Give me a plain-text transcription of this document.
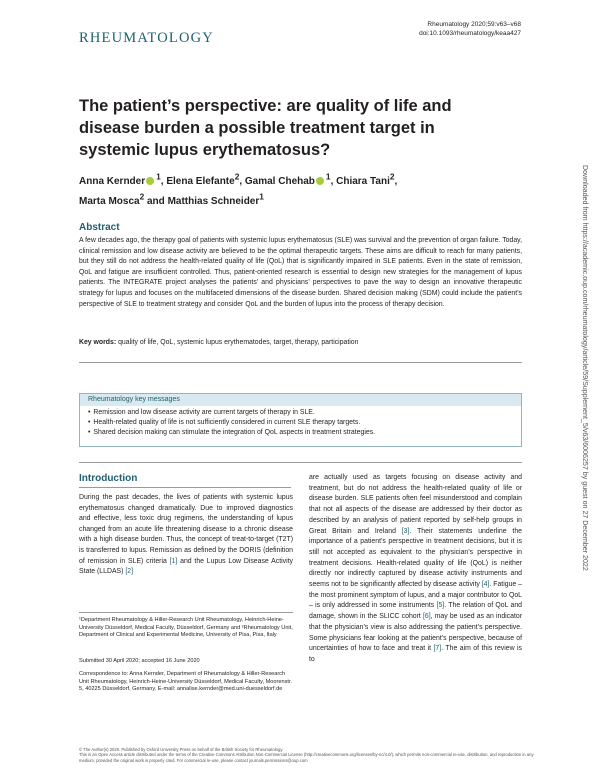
RHEUMATOLOGY
Rheumatology 2020;59:v63–v68
doi:10.1093/rheumatology/keaa427
The patient’s perspective: are quality of life and disease burden a possible treatment target in systemic lupus erythematosus?
Anna Kernder $^1$, Elena Elefante$^2$, Gamal Chehab $^1$, Chiara Tani$^2$,
Marta Mosca$^2$ and Matthias Schneider$^1$
Abstract

A few decades ago, the therapy goal of patients with systemic lupus erythematosus (SLE) was survival and the prevention of organ failure. Today, clinical remission and low disease activity are believed to be the optimal therapeutic targets. These aims are difficult to reach for many patients, but they still do not address the health-related quality of life (QoL) that is significantly impaired in SLE patients. Even in the state of remission, QoL and fatigue are insufficient controlled. Thus, patient-oriented research is essential to design new strategies for the management of lupus patients. The INTEGRATE project analyses the patients’ and physicians’ perspectives to pave the way to design an innovative therapeutic strategy for lupus and focuses on the multifaceted dimensions of the disease burden. Shared decision making (SDM) could include the patient’s perspective of SLE to treatment strategy and consider QoL and the burden of lupus into the process of therapy decision.

Key words: quality of life, QoL, systemic lupus erythematodes, target, therapy, participation

Rheumatology key messages
• Remission and low disease activity are current targets of therapy in SLE.
• Health-related quality of life is not sufficiently considered in current SLE therapy targets.
• Shared decision making can stimulate the integration of QoL aspects in treatment strategies.
Introduction

During the past decades, the lives of patients with systemic lupus erythematosus changed dramatically. Due to improved diagnostics and effective, less toxic drug regimens, the understanding of lupus changed from an acute life threatening disease to a chronic disease with a high disease burden. Thus, the concept of treat-to-target (T2T) is transferred to lupus. Remission as defined by the DORIS (definition of remission in SLE) criteria [1] and the Lupus Low Disease Activity State (LLDAS) [2]

are actually used as targets focusing on disease activity and treatment, but do not address the health-related quality of life or disease burden. SLE patients often feel misunderstood and complain that not all aspects of the disease are addressed by their doctor as described by an analysis of patient reported by self-help groups in Great Britain and Ireland [3]. Their statements underline the importance of a patient’s perspective in treatment decisions, but it is still not accepted as equivalent to the physician’s perspective in treatment decisions. Health-related quality of life (QoL) is neither directly nor indirectly captured by disease activity instruments and seems not to be significantly affected by disease activity [4]. Fatigue – the most prominent symptom of lupus, and a major contributor to QoL – is only addressed in some instruments [5]. The relation of QoL and damage, shown in the SLICC cohort [6], may be used as an indicator that the physician’s view is also addressing the patient’s perspective. Some physicians fear looking at the patient’s perspective, because of uncertainties of how to face and treat it [7]. The aim of this review is to

¹Department Rheumatology & Hiller-Research Unit Rheumatology, Heinrich-Heine-University Düsseldorf, Medical Faculty, Düsseldorf, Germany and ²Rheumatology Unit, Department of Clinical and Experimental Medicine, University of Pisa, Pisa, Italy

Submitted 30 April 2020; accepted 16 June 2020

Correspondence to: Anna Kernder, Department of Rheumatology & Hiller-Research Unit Rheumatology, Heinrich-Heine-University Düsseldorf, Medical Faculty, Moorenstr. 5, 40225 Düsseldorf, Germany. E-mail: annalise.kernder@med.uni-duesseldorf.de

© The Author(s) 2020. Published by Oxford University Press on behalf of the British Society for Rheumatology.
This is an Open Access article distributed under the terms of the Creative Commons Attribution Non-Commercial License (http://creativecommons.org/licenses/by-nc/4.0/), which permits non-commercial re-use, distribution, and reproduction in any medium, provided the original work is properly cited. For commercial re-use, please contact journals.permissions@oup.com
Downloaded from https://academic.oup.com/rheumatology/article/59/Supplement_5/v63/6006257 by guest on 27 December 2022
